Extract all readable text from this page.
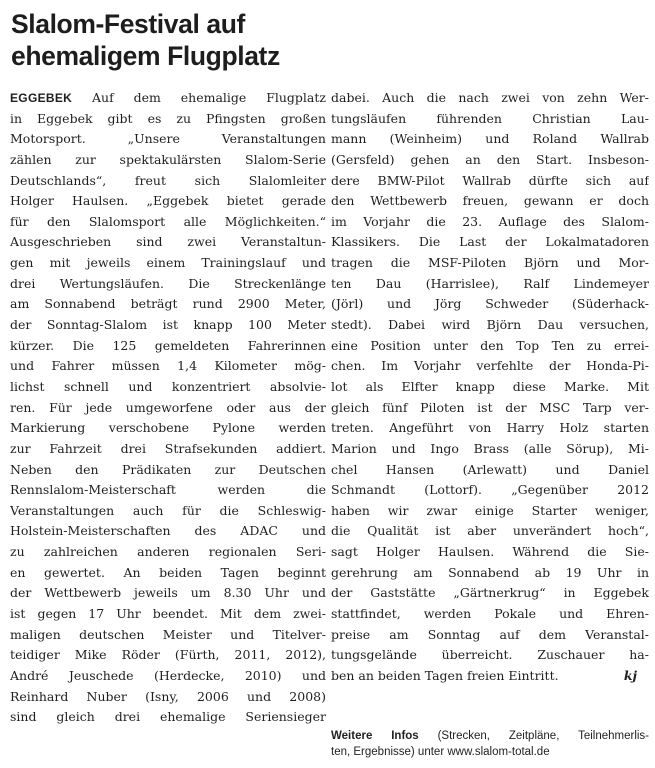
Slalom-Festival auf
ehemaligem Flugplatz
EGGEBEK Auf dem ehemalige Flugplatz
in Eggebek gibt es zu Pfingsten großen
Motorsport. „Unsere Veranstaltungen
zählen zur spektakulärsten Slalom-Serie
Deutschlands“, freut sich Slalomleiter
Holger Haulsen. „Eggebek bietet gerade
für den Slalomsport alle Möglichkeiten.“
Ausgeschrieben sind zwei Veranstaltun-
gen mit jeweils einem Trainingslauf und
drei Wertungsläufen. Die Streckenlänge
am Sonnabend beträgt rund 2900 Meter,
der Sonntag-Slalom ist knapp 100 Meter
kürzer. Die 125 gemeldeten Fahrerinnen
und Fahrer müssen 1,4 Kilometer mög-
lichst schnell und konzentriert absolvie-
ren. Für jede umgeworfene oder aus der
Markierung verschobene Pylone werden
zur Fahrzeit drei Strafsekunden addiert.
Neben den Prädikaten zur Deutschen
Rennslalom-Meisterschaft werden die
Veranstaltungen auch für die Schleswig-
Holstein-Meisterschaften des ADAC und
zu zahlreichen anderen regionalen Seri-
en gewertet. An beiden Tagen beginnt
der Wettbewerb jeweils um 8.30 Uhr und
ist gegen 17 Uhr beendet. Mit dem zwei-
maligen deutschen Meister und Titelver-
teidiger Mike Röder (Fürth, 2011, 2012),
André Jeuschede (Herdecke, 2010) und
Reinhard Nuber (Isny, 2006 und 2008)
sind gleich drei ehemalige Seriensieger
dabei. Auch die nach zwei von zehn Wer-
tungsläufen führenden Christian Lau-
mann (Weinheim) und Roland Wallrab
(Gersfeld) gehen an den Start. Insbeson-
dere BMW-Pilot Wallrab dürfte sich auf
den Wettbewerb freuen, gewann er doch
im Vorjahr die 23. Auflage des Slalom-
Klassikers. Die Last der Lokalmatadoren
tragen die MSF-Piloten Björn und Mor-
ten Dau (Harrislee), Ralf Lindemeyer
(Jörl) und Jörg Schweder (Süderhack-
stedt). Dabei wird Björn Dau versuchen,
eine Position unter den Top Ten zu errei-
chen. Im Vorjahr verfehlte der Honda-Pi-
lot als Elfter knapp diese Marke. Mit
gleich fünf Piloten ist der MSC Tarp ver-
treten. Angeführt von Harry Holz starten
Marion und Ingo Brass (alle Sörup), Mi-
chel Hansen (Arlewatt) und Daniel
Schmandt (Lottorf). „Gegenüber 2012
haben wir zwar einige Starter weniger,
die Qualität ist aber unverändert hoch“,
sagt Holger Haulsen. Während die Sie-
gerehrung am Sonnabend ab 19 Uhr in
der Gaststätte „Gärtnerkrug“ in Eggebek
stattfindet, werden Pokale und Ehren-
preise am Sonntag auf dem Veranstal-
tungsgelände überreicht. Zuschauer ha-
ben an beiden Tagen freien Eintritt.	kj
Weitere Infos (Strecken, Zeitpläne, Teilnehmerlis-
ten, Ergebnisse) unter www.slalom-total.de
